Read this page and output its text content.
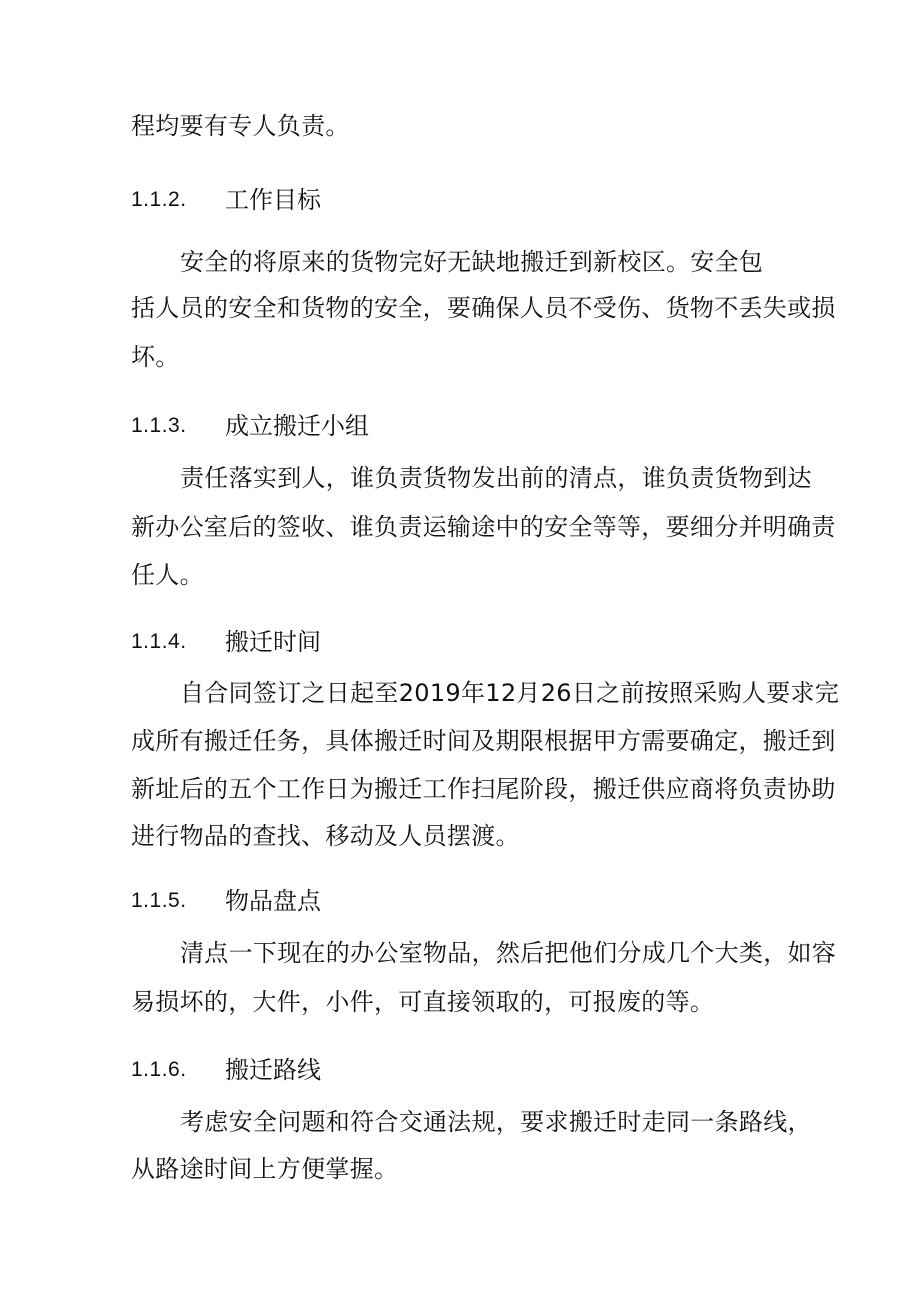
程均要有专人负责。
1.1.2. 工作目标
安全的将原来的货物完好无缺地搬迁到新校区。安全包
括人员的安全和货物的安全，要确保人员不受伤、货物不丢失或损
坏。
1.1.3. 成立搬迁小组
责任落实到人，谁负责货物发出前的清点，谁负责货物到达
新办公室后的签收、谁负责运输途中的安全等等，要细分并明确责
任人。
1.1.4. 搬迁时间
自合同签订之日起至2019年12月26日之前按照采购人要求完
成所有搬迁任务，具体搬迁时间及期限根据甲方需要确定，搬迁到
新址后的五个工作日为搬迁工作扫尾阶段，搬迁供应商将负责协助
进行物品的查找、移动及人员摆渡。
1.1.5. 物品盘点
清点一下现在的办公室物品，然后把他们分成几个大类，如容
易损坏的，大件，小件，可直接领取的，可报废的等。
1.1.6. 搬迁路线
考虑安全问题和符合交通法规，要求搬迁时走同一条路线，
从路途时间上方便掌握。
